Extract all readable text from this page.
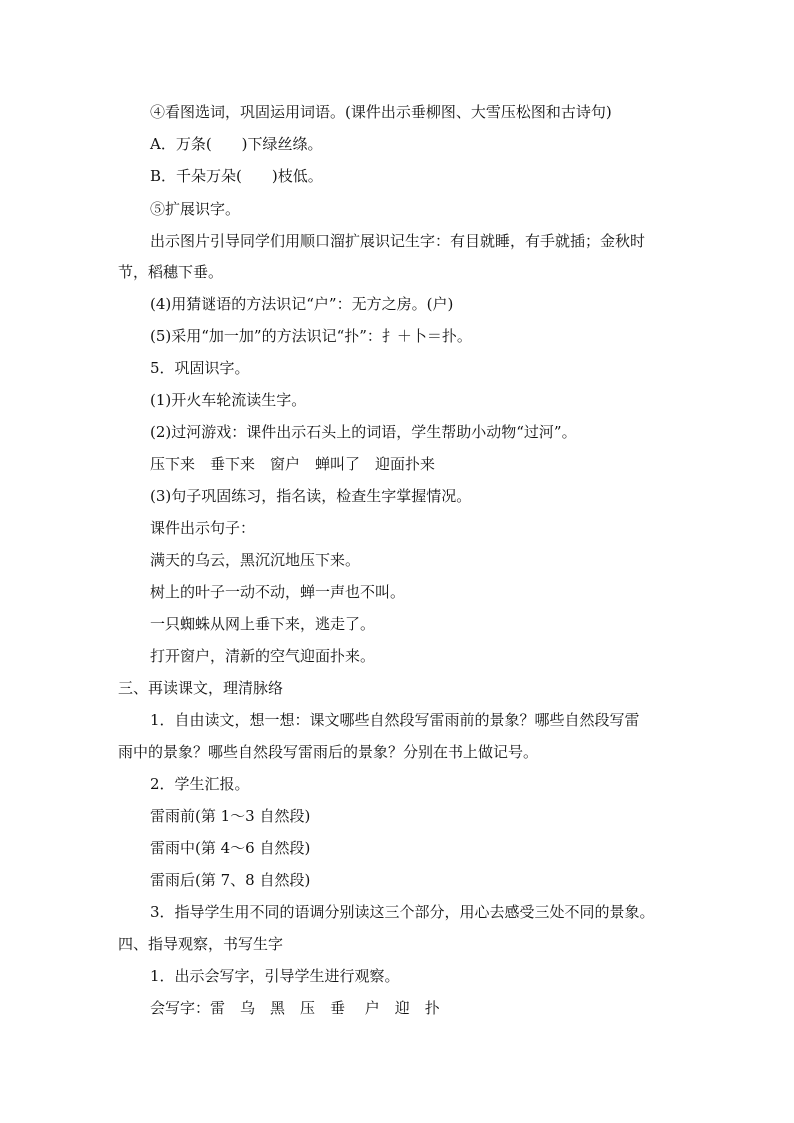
④看图选词，巩固运用词语。(课件出示垂柳图、大雪压松图和古诗句)
A．万条(　　)下绿丝绦。
B．千朵万朵(　　)枝低。
⑤扩展识字。
出示图片引导同学们用顺口溜扩展识记生字：有目就睡，有手就插；金秋时
节，稻穗下垂。
(4)用猜谜语的方法识记“户”：无方之房。(户)
(5)采用“加一加”的方法识记“扑”：扌＋卜＝扑。
5．巩固识字。
(1)开火车轮流读生字。
(2)过河游戏：课件出示石头上的词语，学生帮助小动物“过河”。
压下来　垂下来　窗户　蝉叫了　迎面扑来
(3)句子巩固练习，指名读，检查生字掌握情况。
课件出示句子：
满天的乌云，黑沉沉地压下来。
树上的叶子一动不动，蝉一声也不叫。
一只蜘蛛从网上垂下来，逃走了。
打开窗户，清新的空气迎面扑来。
三、再读课文，理清脉络
1．自由读文，想一想：课文哪些自然段写雷雨前的景象？哪些自然段写雷
雨中的景象？哪些自然段写雷雨后的景象？分别在书上做记号。
2．学生汇报。
雷雨前(第 1～3 自然段)
雷雨中(第 4～6 自然段)
雷雨后(第 7、8 自然段)
3．指导学生用不同的语调分别读这三个部分，用心去感受三处不同的景象。
四、指导观察，书写生字
1．出示会写字，引导学生进行观察。
会写字：雷　乌　黑　压　垂　 户　迎　扑
